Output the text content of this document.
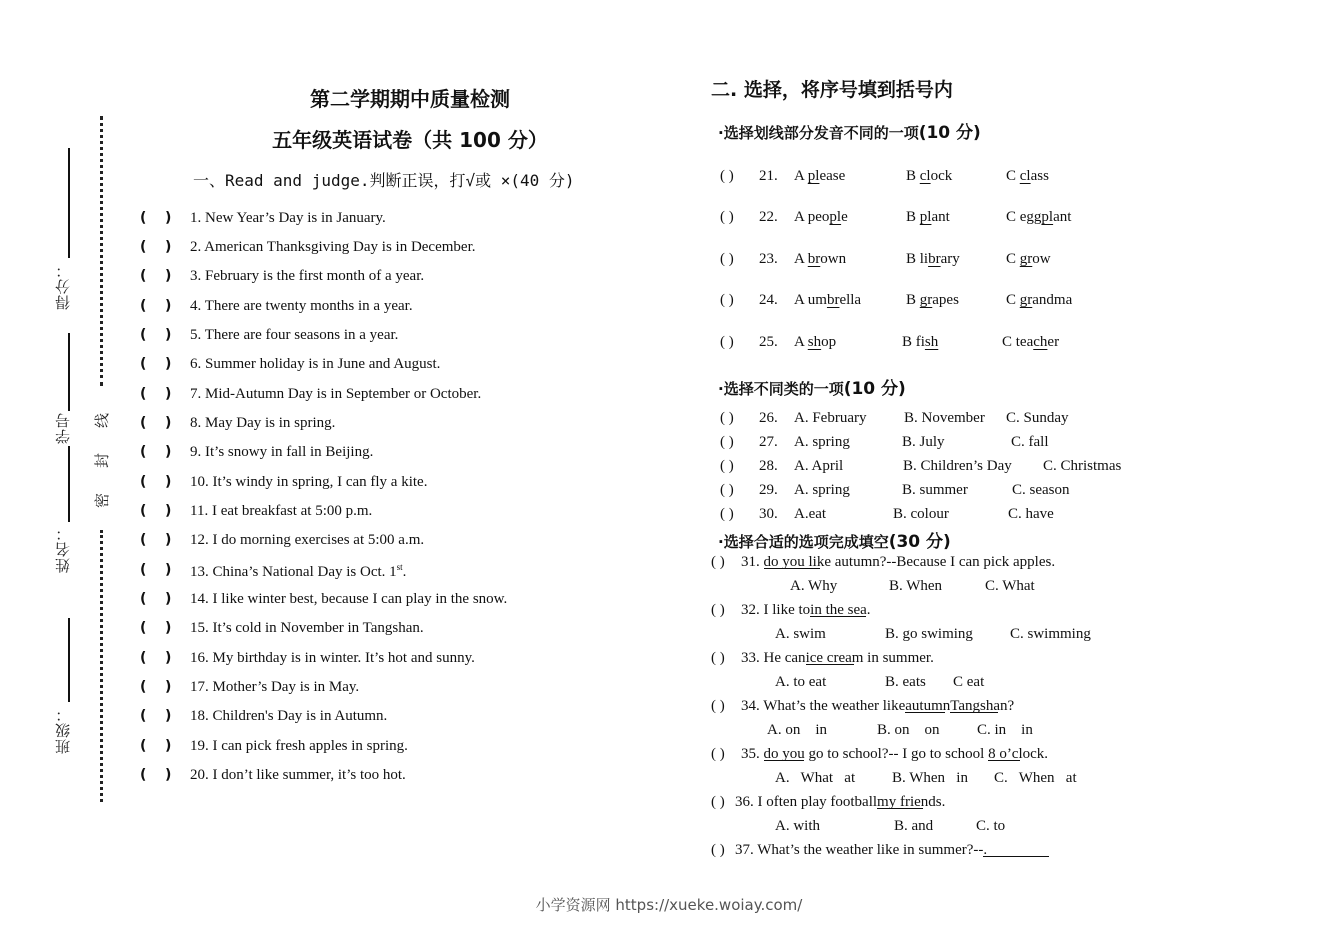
得分：
学号
姓名：
班级：
线
封
密
第二学期期中质量检测
五年级英语试卷（共 100 分）
一、Read and judge.判断正误，打√或 ×(40 分)
( ) 1. New Year’s Day is in January.
( ) 2. American Thanksgiving Day is in December.
( ) 3. February is the first month of a year.
( ) 4. There are twenty months in a year.
( ) 5. There are four seasons in a year.
( ) 6. Summer holiday is in June and August.
( ) 7. Mid-Autumn Day is in September or October.
( ) 8. May Day is in spring.
( ) 9. It’s snowy in fall in Beijing.
( ) 10. It’s windy in spring, I can fly a kite.
( ) 11. I eat breakfast at 5:00 p.m.
( ) 12. I do morning exercises at 5:00 a.m.
( ) 13. China’s National Day is Oct. 1st.
( ) 14. I like winter best, because I can play in the snow.
( ) 15. It’s cold in November in Tangshan.
( ) 16. My birthday is in winter. It’s hot and sunny.
( ) 17. Mother’s Day is in May.
( ) 18. Children's Day is in Autumn.
( ) 19. I can pick fresh apples in spring.
( ) 20. I don’t like summer, it’s too hot.
二. 选择，将序号填到括号内
·选择划线部分发音不同的一项(10 分)
( ) 21. A please	B clock	C class
( ) 22. A people	B plant	C eggplant
( ) 23. A brown	B library	C grow
( ) 24. A umbrella	B grapes	C grandma
( ) 25. A shop	B fish	C teacher
·选择不同类的一项(10 分)
( ) 26. A. February	B. November C. Sunday
( ) 27. A. spring	B. July	C. fall
( ) 28. A. April	B. Children’s Day C. Christmas
( ) 29. A. spring	B. summer	C. season
( ) 30. A.eat	B. colour	C. have
·选择合适的选项完成填空(30 分)
( ) 31.
do you like autumn?--Because I can pick apples.
A. Why	B. When	C. What
( ) 32. I like to
in the sea.
A. swim	B. go swiming C. swimming
( ) 33. He can
ice cream in summer.
A. to eat	B. eats C eat
( ) 34. What’s the weather like
autumn
Tangshan?
A. on    in	B. on    on C. in    in
( ) 35.
do you go to school?-- I go to school 8 o’clock.
A.   What   at B. When   in C.   When   at
( ) 36. I often play football
my friends.
A. with	B. and	C. to
( ) 37. What’s the weather like in summer?--
.
小学资源网 https://xueke.woiay.com/
